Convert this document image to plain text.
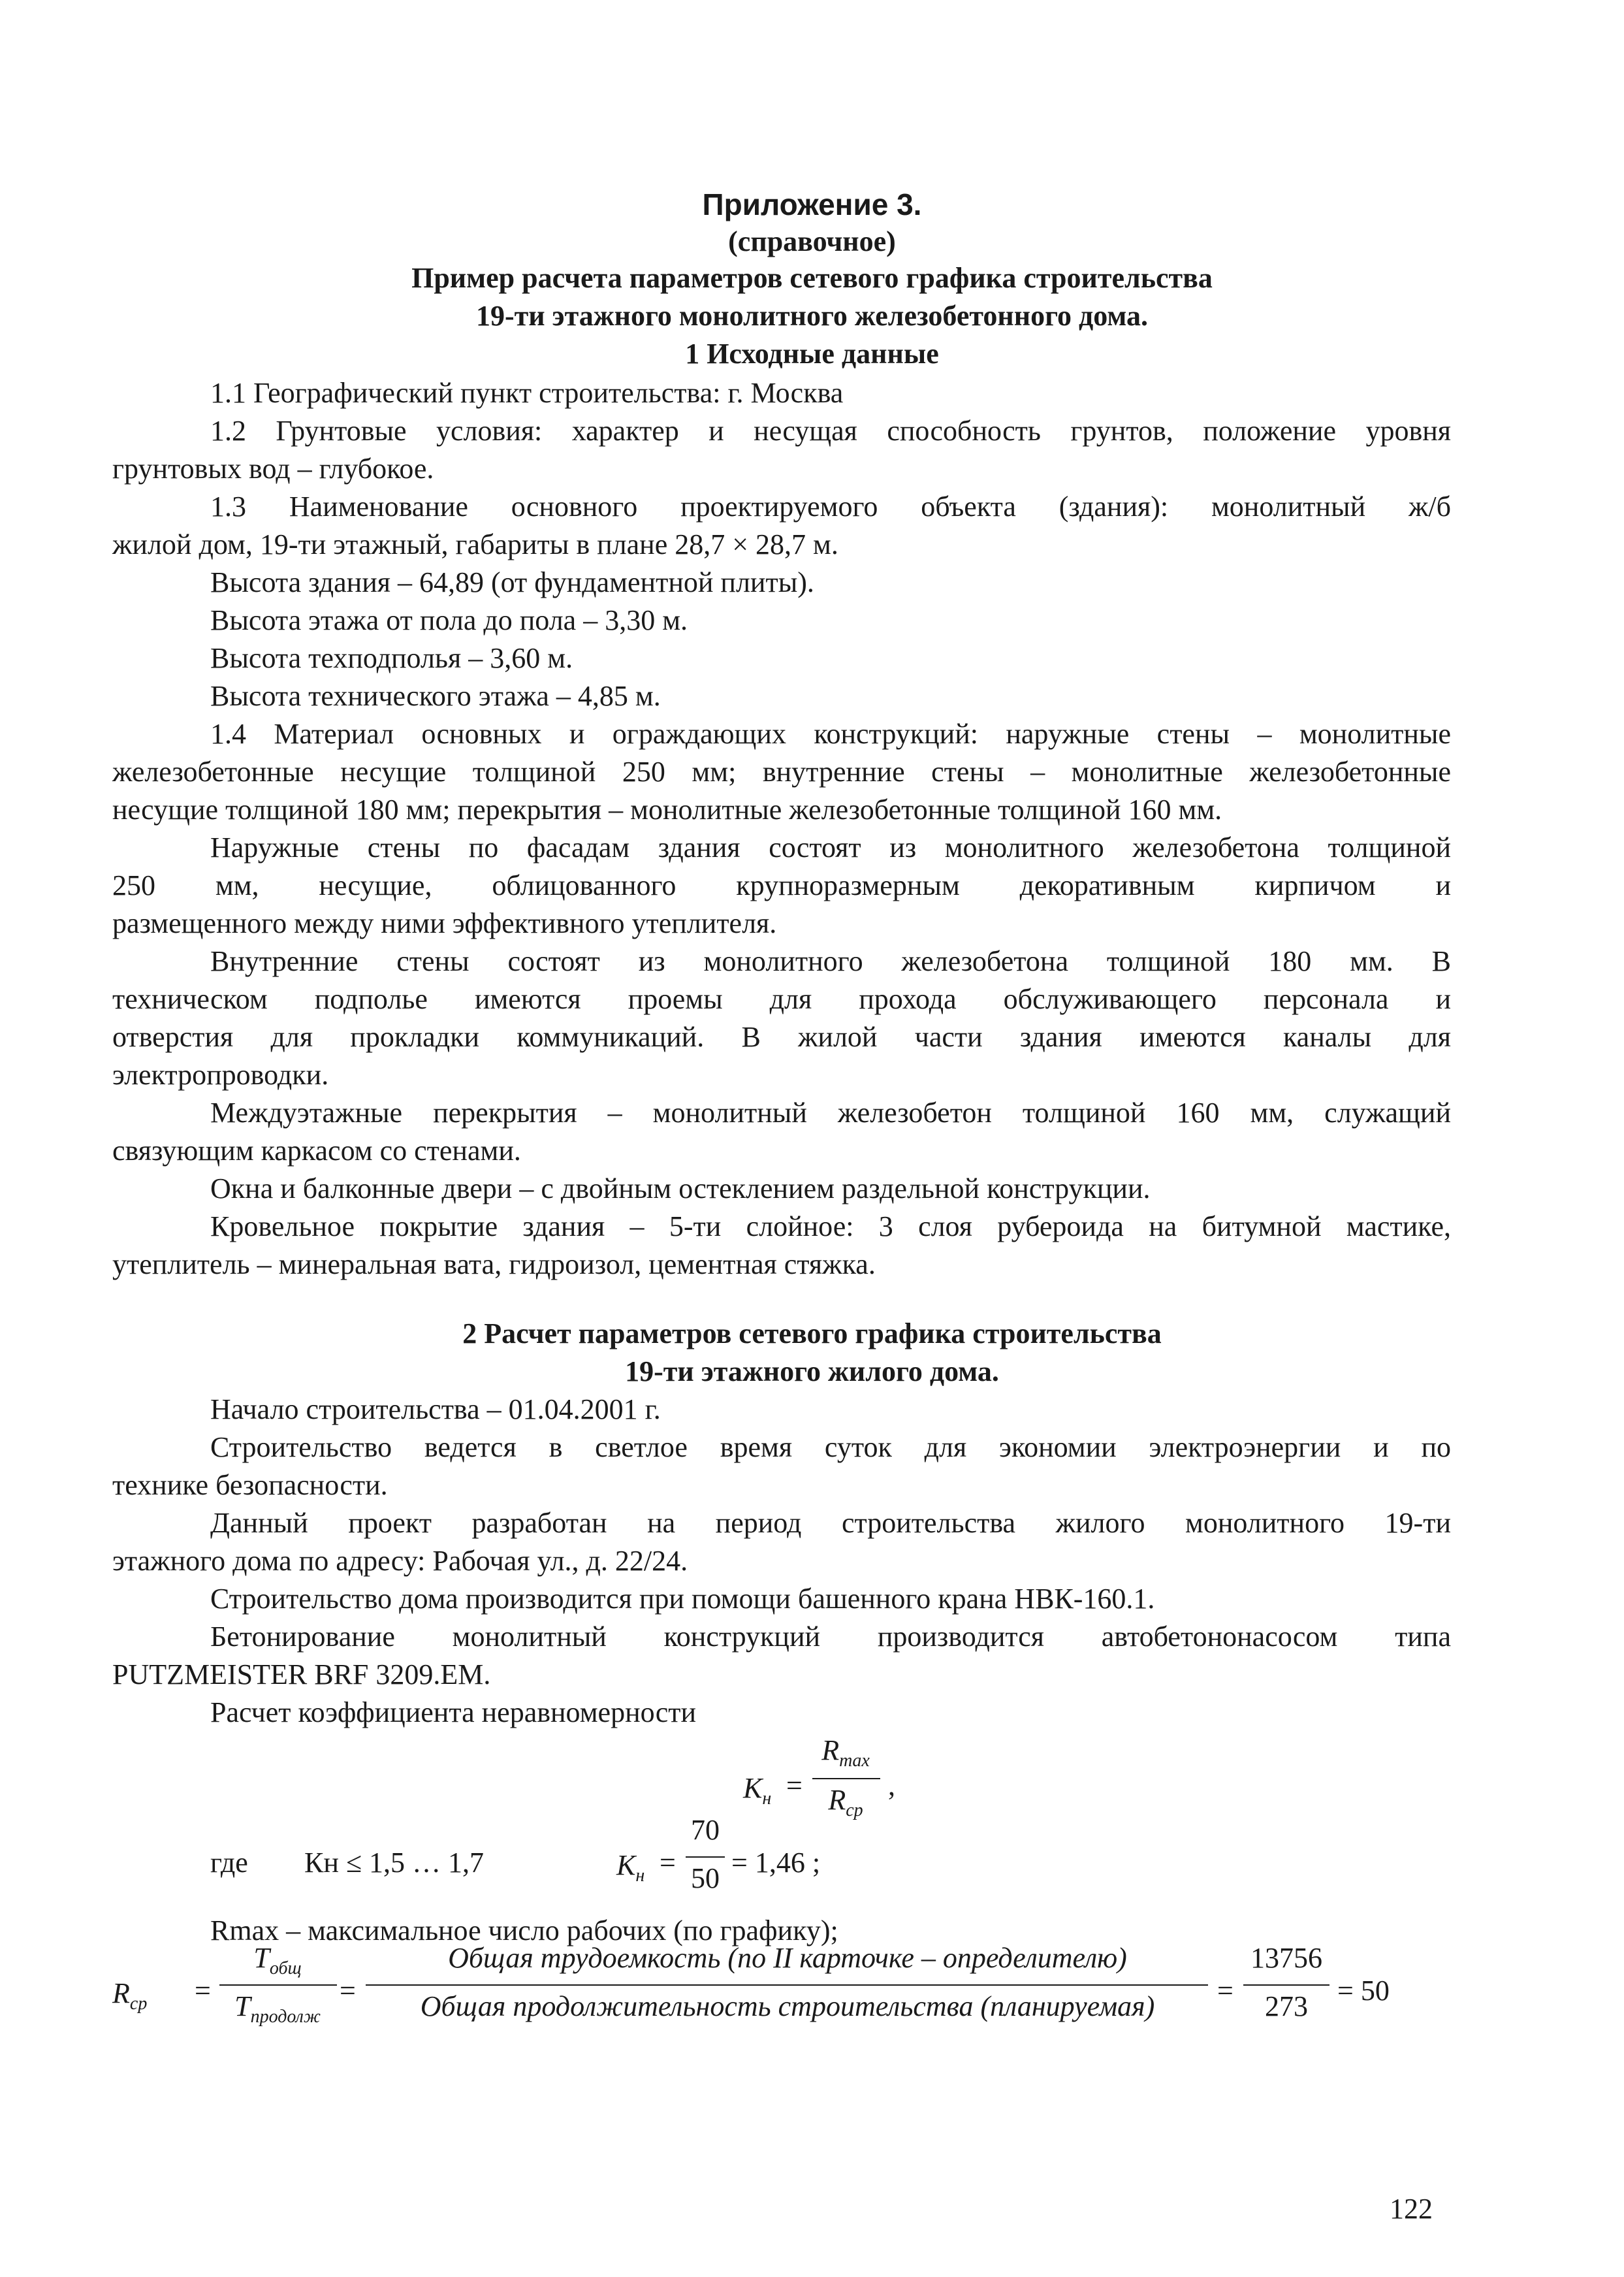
Приложение 3.
(справочное)
Пример расчета параметров сетевого графика строительства
19-ти этажного монолитного железобетонного дома.
1 Исходные данные
1.1 Географический пункт строительства: г. Москва
1.2 Грунтовые условия: характер и несущая способность грунтов, положение уровня
грунтовых вод – глубокое.
1.3 Наименование основного проектируемого объекта (здания): монолитный ж/б
жилой дом, 19-ти этажный, габариты в плане 28,7 × 28,7 м.
Высота здания – 64,89 (от фундаментной плиты).
Высота этажа от пола до пола – 3,30 м.
Высота техподполья – 3,60 м.
Высота технического этажа – 4,85 м.
1.4 Материал основных и ограждающих конструкций: наружные стены – монолитные
железобетонные несущие толщиной 250 мм; внутренние стены – монолитные железобетонные
несущие толщиной 180 мм; перекрытия – монолитные железобетонные толщиной 160 мм.
Наружные стены по фасадам здания состоят из монолитного железобетона толщиной
250 мм, несущие, облицованного крупноразмерным декоративным кирпичом и
размещенного между ними эффективного утеплителя.
Внутренние стены состоят из монолитного железобетона толщиной 180 мм. В
техническом подполье имеются проемы для прохода обслуживающего персонала и
отверстия для прокладки коммуникаций. В жилой части здания имеются каналы для
электропроводки.
Междуэтажные перекрытия – монолитный железобетон толщиной 160 мм, служащий
связующим каркасом со стенами.
Окна и балконные двери – с двойным остеклением раздельной конструкции.
Кровельное покрытие здания – 5-ти слойное: 3 слоя рубероида на битумной мастике,
утеплитель – минеральная вата, гидроизол, цементная стяжка.
2 Расчет параметров сетевого графика строительства
19-ти этажного жилого дома.
Начало строительства – 01.04.2001 г.
Строительство ведется в светлое время суток для экономии электроэнергии и по
технике безопасности.
Данный проект разработан на период строительства жилого монолитного 19-ти
этажного дома по адресу: Рабочая ул., д. 22/24.
Строительство дома производится при помощи башенного крана НВК-160.1.
Бетонирование монолитный конструкций производится автобетононасосом типа
PUTZMEISTER BRF 3209.EM.
Расчет коэффициента неравномерности
$K_н$ =
$R_{max}$
$R_{ср}$
,
где Кн ≤ 1,5 … 1,7	$K_н$ =
70
50 = 1,46 ;
Rmax – максимальное число рабочих (по графику);
$R_{ср}$ =
$T_{общ}$
$T_{продолж}$
=
Общая трудоемкость (по II карточке – определителю)
Общая продолжительность строительства (планируемая)	=
13756
273	= 50
122
